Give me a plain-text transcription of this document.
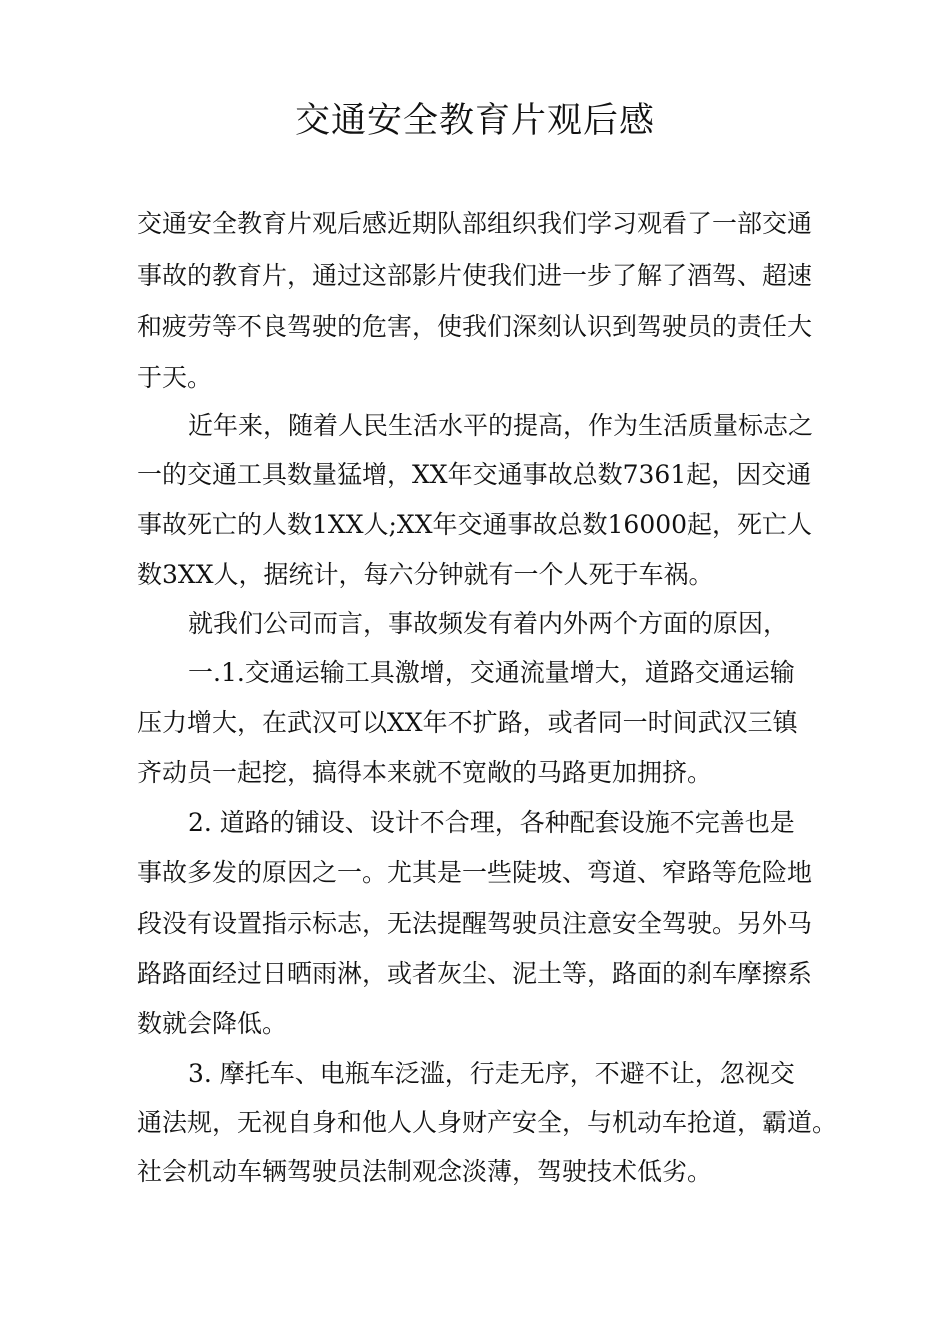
交通安全教育片观后感
交通安全教育片观后感近期队部组织我们学习观看了一部交通
事故的教育片，通过这部影片使我们进一步了解了酒驾、超速
和疲劳等不良驾驶的危害，使我们深刻认识到驾驶员的责任大
于天。
近年来，随着人民生活水平的提高，作为生活质量标志之
一的交通工具数量猛增，XX年交通事故总数7361起，因交通
事故死亡的人数1XX人;XX年交通事故总数16000起，死亡人
数3XX人，据统计，每六分钟就有一个人死于车祸。
就我们公司而言，事故频发有着内外两个方面的原因，
一.1.交通运输工具激增，交通流量增大，道路交通运输
压力增大，在武汉可以XX年不扩路，或者同一时间武汉三镇
齐动员一起挖，搞得本来就不宽敞的马路更加拥挤。
2. 道路的铺设、设计不合理，各种配套设施不完善也是
事故多发的原因之一。尤其是一些陡坡、弯道、窄路等危险地
段没有设置指示标志，无法提醒驾驶员注意安全驾驶。另外马
路路面经过日晒雨淋，或者灰尘、泥土等，路面的刹车摩擦系
数就会降低。
3. 摩托车、电瓶车泛滥，行走无序，不避不让，忽视交
通法规，无视自身和他人人身财产安全，与机动车抢道，霸道。
社会机动车辆驾驶员法制观念淡薄，驾驶技术低劣。
